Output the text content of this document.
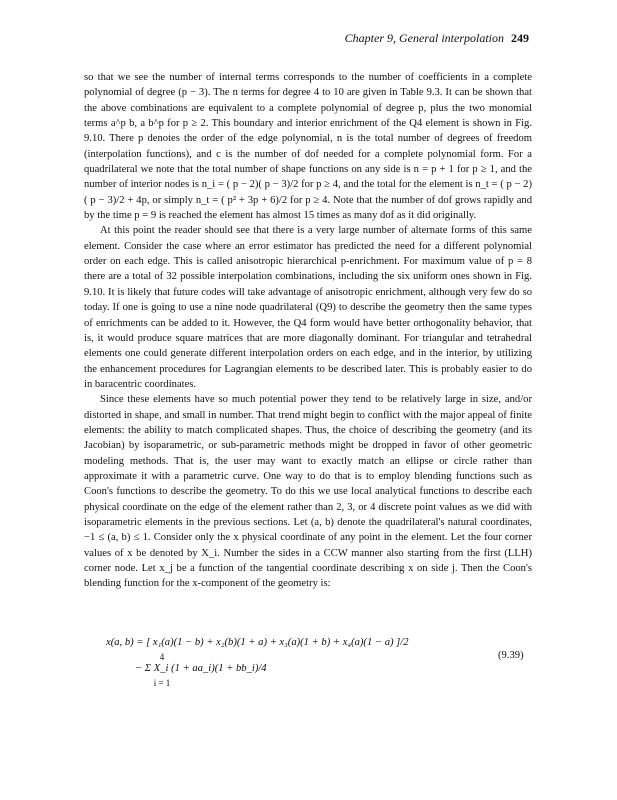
Chapter 9, General interpolation 249

so that we see the number of internal terms corresponds to the number of coefficients in a complete polynomial of degree (p − 3). The n terms for degree 4 to 10 are given in Table 9.3. It can be shown that the above combinations are equivalent to a complete polynomial of degree p, plus the two monomial terms a^p b, a b^p for p ≥ 2. This boundary and interior enrichment of the Q4 element is shown in Fig. 9.10. There p denotes the order of the edge polynomial, n is the total number of degrees of freedom (interpolation functions), and c is the number of dof needed for a complete polynomial form. For a quadrilateral we note that the total number of shape functions on any side is n = p + 1 for p ≥ 1, and the number of interior nodes is n_i = ( p − 2)( p − 3)/2 for p ≥ 4, and the total for the element is n_t = ( p − 2)( p − 3)/2 + 4p, or simply n_t = ( p² + 3p + 6)/2 for p ≥ 4. Note that the number of dof grows rapidly and by the time p = 9 is reached the element has almost 15 times as many dof as it did originally.

At this point the reader should see that there is a very large number of alternate forms of this same element. Consider the case where an error estimator has predicted the need for a different polynomial order on each edge. This is called anisotropic hierarchical p-enrichment. For maximum value of p = 8 there are a total of 32 possible interpolation combinations, including the six uniform ones shown in Fig. 9.10. It is likely that future codes will take advantage of anisotropic enrichment, although very few do so today. If one is going to use a nine node quadrilateral (Q9) to describe the geometry then the same types of enrichments can be added to it. However, the Q4 form would have better orthogonality behavior, that is, it would produce square matrices that are more diagonally dominant. For triangular and tetrahedral elements one could generate different interpolation orders on each edge, and in the interior, by utilizing the enhancement procedures for Lagrangian elements to be described later. This is probably easier to do in baracentric coordinates.

Since these elements have so much potential power they tend to be relatively large in size, and/or distorted in shape, and small in number. That trend might begin to conflict with the major appeal of finite elements: the ability to match complicated shapes. Thus, the choice of describing the geometry (and its Jacobian) by isoparametric, or sub-parametric methods might be dropped in favor of other geometric modeling methods. That is, the user may want to exactly match an ellipse or circle rather than approximate it with a parametric curve. One way to do that is to employ blending functions such as Coon's functions to describe the geometry. To do this we use local analytical functions to describe each physical coordinate on the edge of the element rather than 2, 3, or 4 discrete point values as we did with isoparametric elements in the previous sections. Let (a, b) denote the quadrilateral's natural coordinates, −1 ≤ (a, b) ≤ 1. Consider only the x physical coordinate of any point in the element. Let the four corner values of x be denoted by X_i. Number the sides in a CCW manner also starting from the first (LLH) corner node. Let x_j be a function of the tangential coordinate describing x on side j. Then the Coon's blending function for the x-component of the geometry is:

x(a, b) = [ x₁(a)(1 − b) + x₂(b)(1 + a) + x₃(a)(1 + b) + x₄(a)(1 − a) ]/2
4
− Σ X_i (1 + aa_i)(1 + bb_i)/4
i = 1
(9.39)
